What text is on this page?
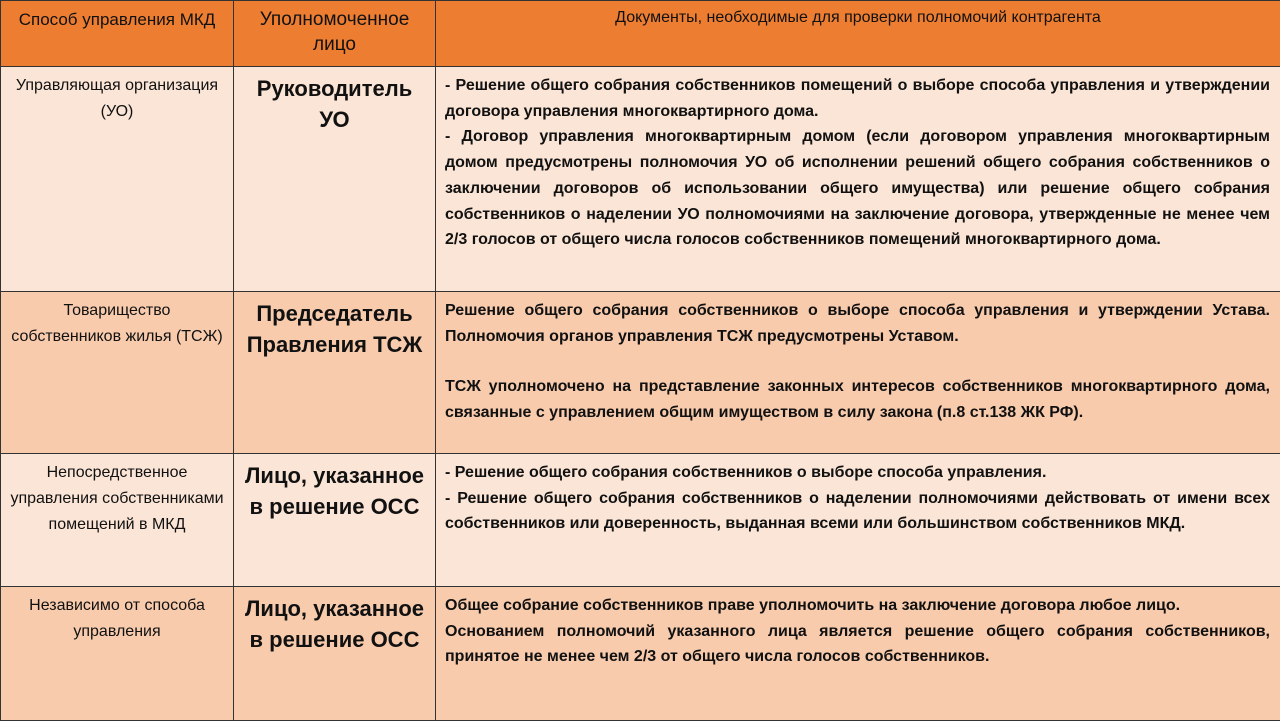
Способ управления МКД	Уполномоченное лицо	Документы, необходимые для проверки полномочий контрагента
Управляющая организация (УО)	Руководитель УО	- Решение общего собрания собственников помещений о выборе способа управления и утверждении договора управления многоквартирного дома.

- Договор управления многоквартирным домом (если договором управления многоквартирным домом предусмотрены полномочия УО об исполнении решений общего собрания собственников о заключении договоров об использовании общего имущества) или решение общего собрания собственников о наделении УО полномочиями на заключение договора, утвержденные не менее чем 2/3 голосов от общего числа голосов собственников помещений многоквартирного дома.

Товарищество собственников жилья (ТСЖ)	Председатель Правления ТСЖ	Решение общего собрания собственников о выборе способа управления и утверждении Устава. Полномочия органов управления ТСЖ предусмотрены Уставом.

ТСЖ уполномочено на представление законных интересов собственников многоквартирного дома, связанные с управлением общим имуществом в силу закона (п.8 ст.138 ЖК РФ).

Непосредственное управления собственниками помещений в МКД	Лицо, указанное в решение ОСС	- Решение общего собрания собственников о выборе способа управления.

- Решение общего собрания собственников о наделении полномочиями действовать от имени всех собственников или доверенность, выданная всеми или большинством собственников МКД.

Независимо от способа управления	Лицо, указанное в решение ОСС	Общее собрание собственников праве уполномочить на заключение договора любое лицо.

Основанием полномочий указанного лица является решение общего собрания собственников, принятое не менее чем 2/3 от общего числа голосов собственников.
